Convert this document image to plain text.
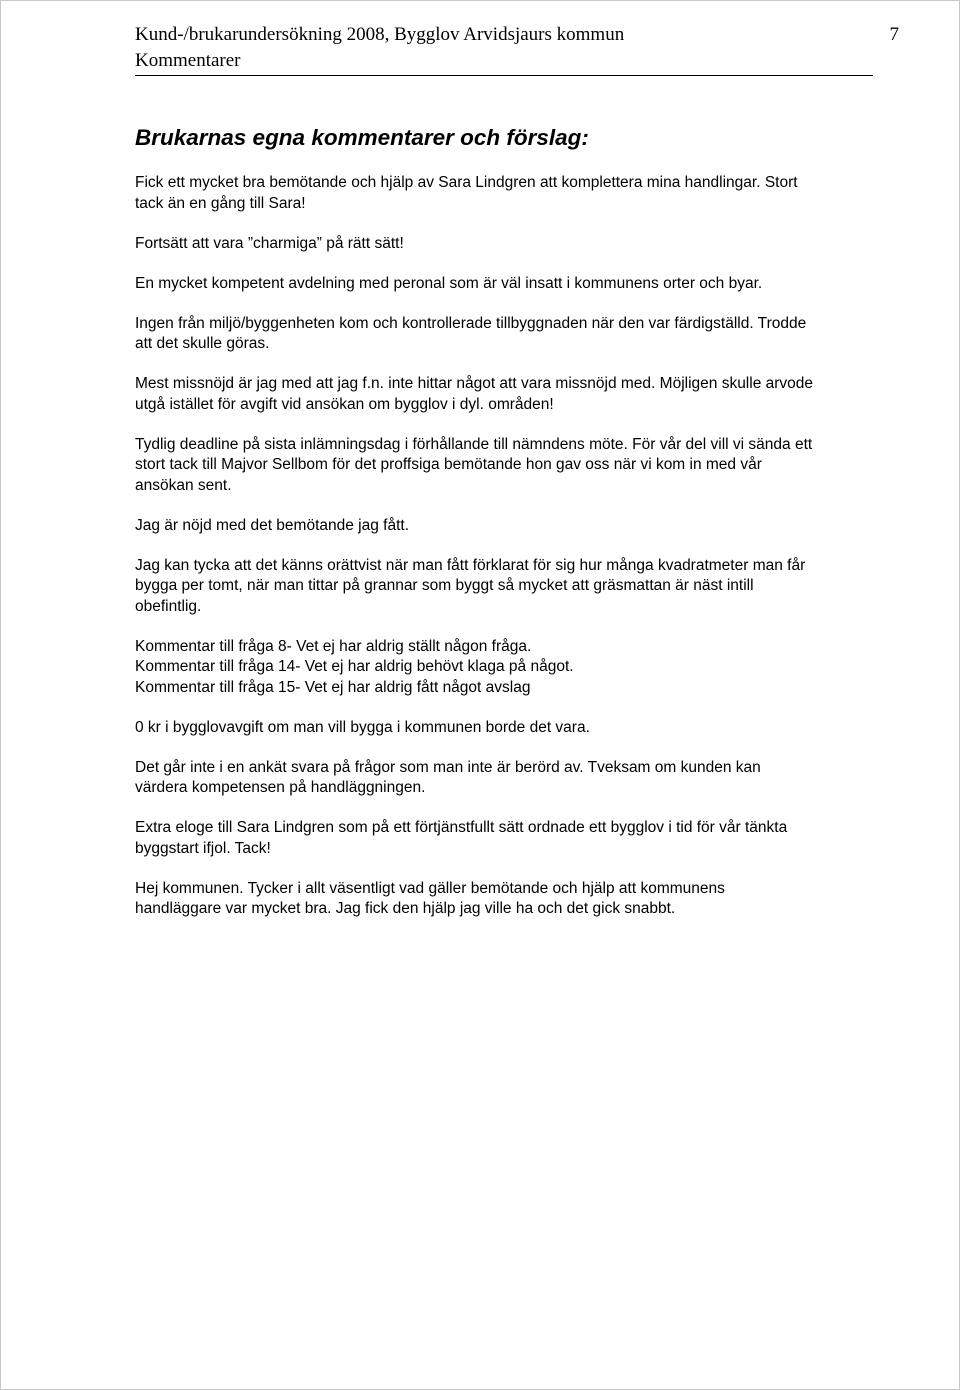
Kund-/brukarundersökning 2008, Bygglov Arvidsjaurs kommun
Kommentarer
7
Brukarnas egna kommentarer och förslag:

Fick ett mycket bra bemötande och hjälp av Sara Lindgren att komplettera mina handlingar. Stort
tack än en gång till Sara!

Fortsätt att vara ”charmiga” på rätt sätt!

En mycket kompetent avdelning med peronal som är väl insatt i kommunens orter och byar.

Ingen från miljö/byggenheten kom och kontrollerade tillbyggnaden när den var färdigställd. Trodde
att det skulle göras.

Mest missnöjd är jag med att jag f.n. inte hittar något att vara missnöjd med. Möjligen skulle arvode
utgå istället för avgift vid ansökan om bygglov i dyl. områden!

Tydlig deadline på sista inlämningsdag i förhållande till nämndens möte. För vår del vill vi sända ett
stort tack till Majvor Sellbom för det proffsiga bemötande hon gav oss när vi kom in med vår
ansökan sent.

Jag är nöjd med det bemötande jag fått.

Jag kan tycka att det känns orättvist när man fått förklarat för sig hur många kvadratmeter man får
bygga per tomt, när man tittar på grannar som byggt så mycket att gräsmattan är näst intill
obefintlig.

Kommentar till fråga 8- Vet ej har aldrig ställt någon fråga.
Kommentar till fråga 14- Vet ej har aldrig behövt klaga på något.
Kommentar till fråga 15- Vet ej har aldrig fått något avslag

0 kr i bygglovavgift om man vill bygga i kommunen borde det vara.

Det går inte i en ankät svara på frågor som man inte är berörd av. Tveksam om kunden kan
värdera kompetensen på handläggningen.

Extra eloge till Sara Lindgren som på ett förtjänstfullt sätt ordnade ett bygglov i tid för vår tänkta
byggstart ifjol. Tack!

Hej kommunen. Tycker i allt väsentligt vad gäller bemötande och hjälp att kommunens
handläggare var mycket bra. Jag fick den hjälp jag ville ha och det gick snabbt.
